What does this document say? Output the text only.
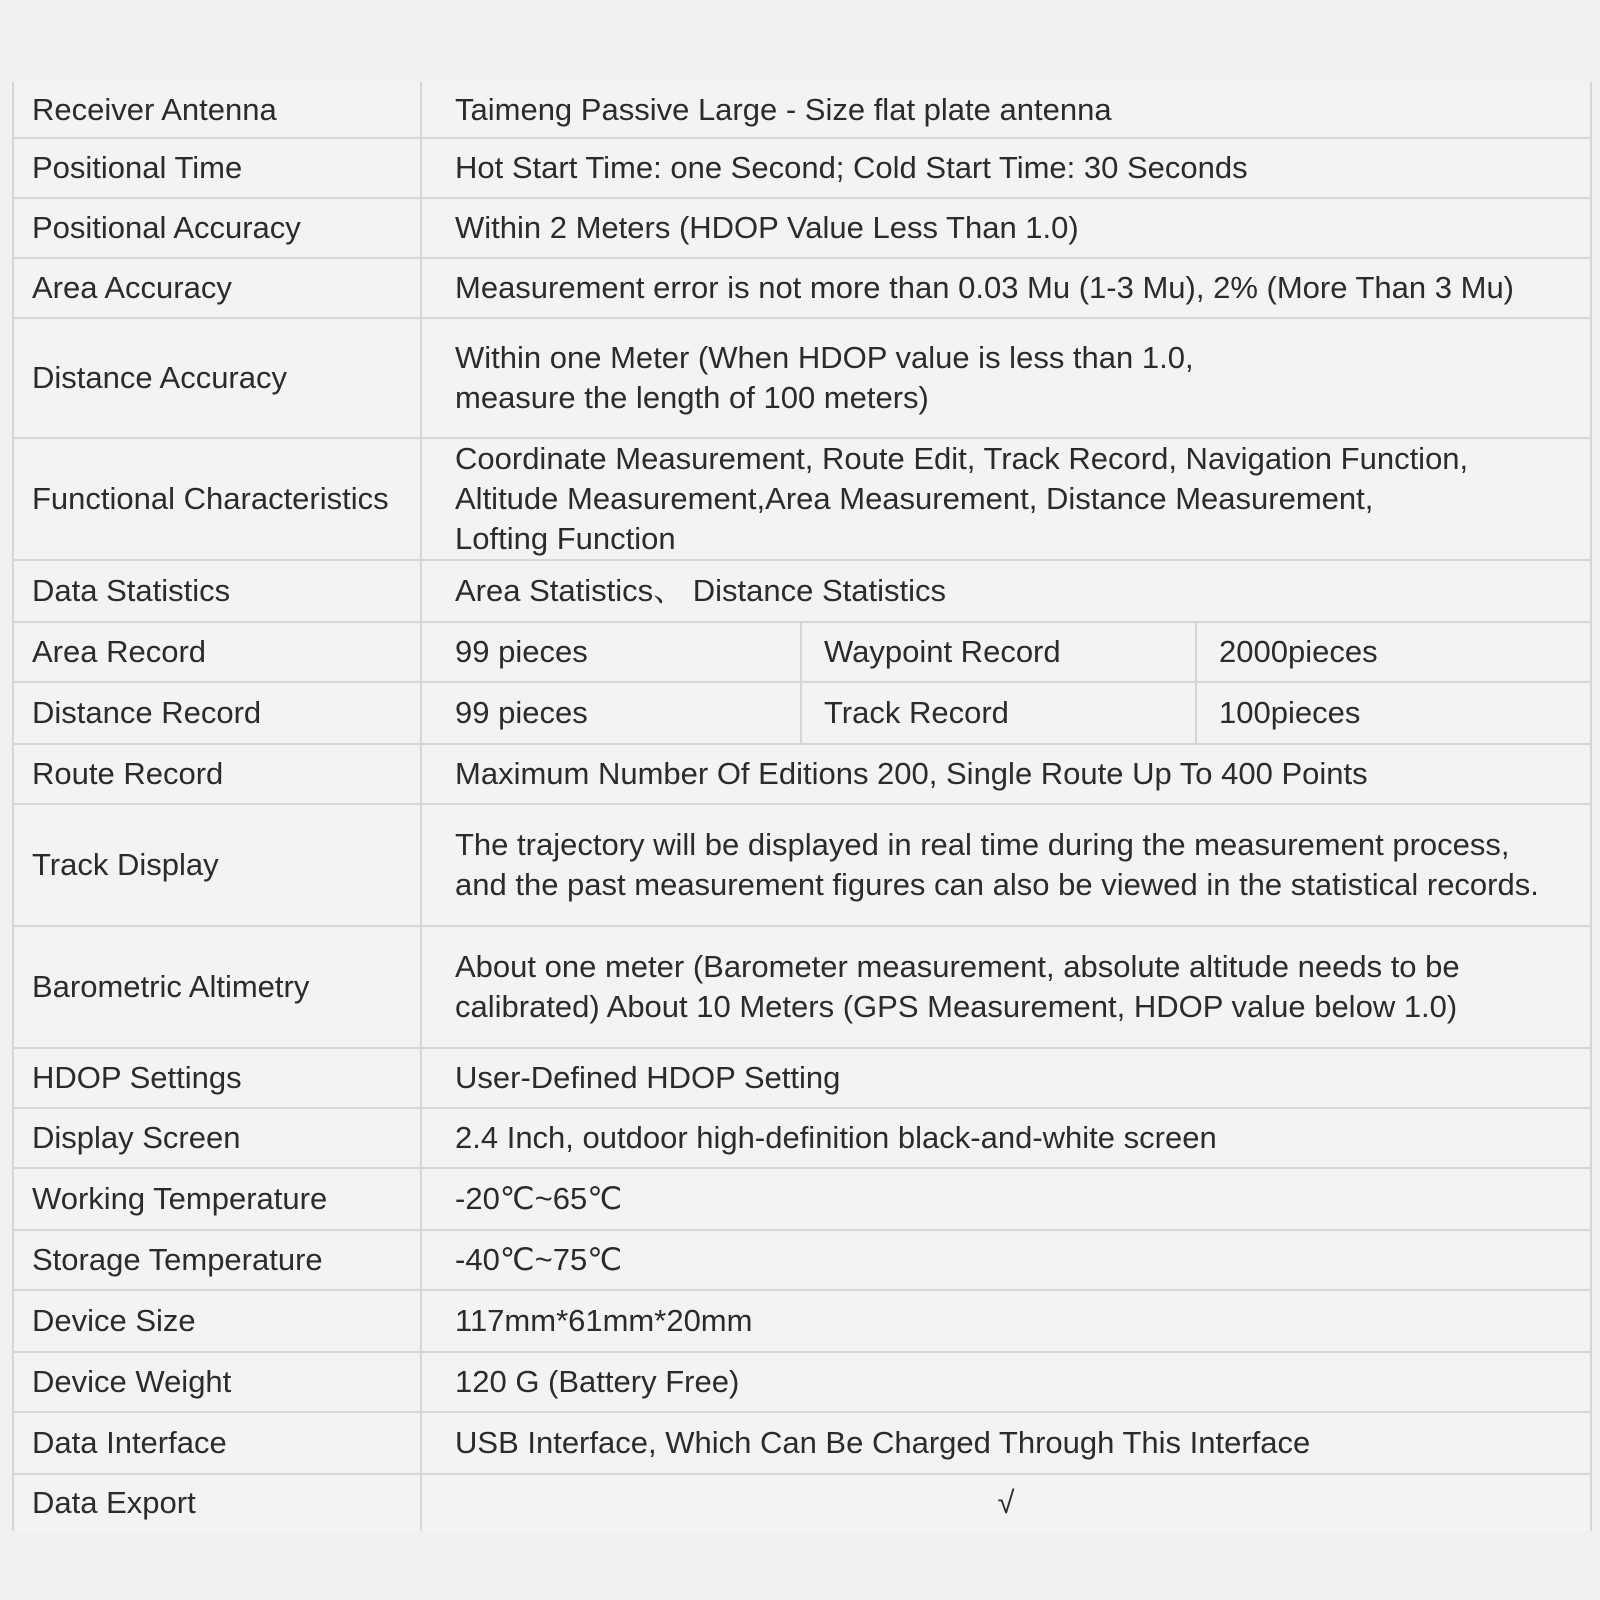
Receiver Antenna	Taimeng Passive Large - Size flat plate antenna		

Positional Time	Hot Start Time: one Second; Cold Start Time: 30 Seconds		

Positional Accuracy	Within 2 Meters (HDOP Value Less Than 1.0)		

Area Accuracy	Measurement error is not more than 0.03 Mu (1-3 Mu), 2% (More Than 3 Mu)		

Distance Accuracy	Within one Meter (When HDOP value is less than 1.0,
measure the length of 100 meters)		

Functional Characteristics	Coordinate Measurement, Route Edit, Track Record, Navigation Function,
Altitude Measurement,Area Measurement, Distance Measurement,
Lofting Function		

Data Statistics	Area Statistics、 Distance Statistics		

Area Record	99 pieces	Waypoint Record	2000pieces
Distance Record	99 pieces	Track Record	100pieces
Route Record	Maximum Number Of Editions 200, Single Route Up To 400 Points		

Track Display	The trajectory will be displayed in real time during the measurement process,
and the past measurement figures can also be viewed in the statistical records.		

Barometric Altimetry	About one meter (Barometer measurement, absolute altitude needs to be
calibrated) About 10 Meters (GPS Measurement, HDOP value below 1.0)		

HDOP Settings	User-Defined HDOP Setting		

Display Screen	2.4 Inch, outdoor high-definition black-and-white screen		

Working Temperature	-20℃~65℃		

Storage Temperature	-40℃~75℃		

Device Size	117mm*61mm*20mm		

Device Weight	120 G (Battery Free)		

Data Interface	USB Interface, Which Can Be Charged Through This Interface		

Data Export	√		
